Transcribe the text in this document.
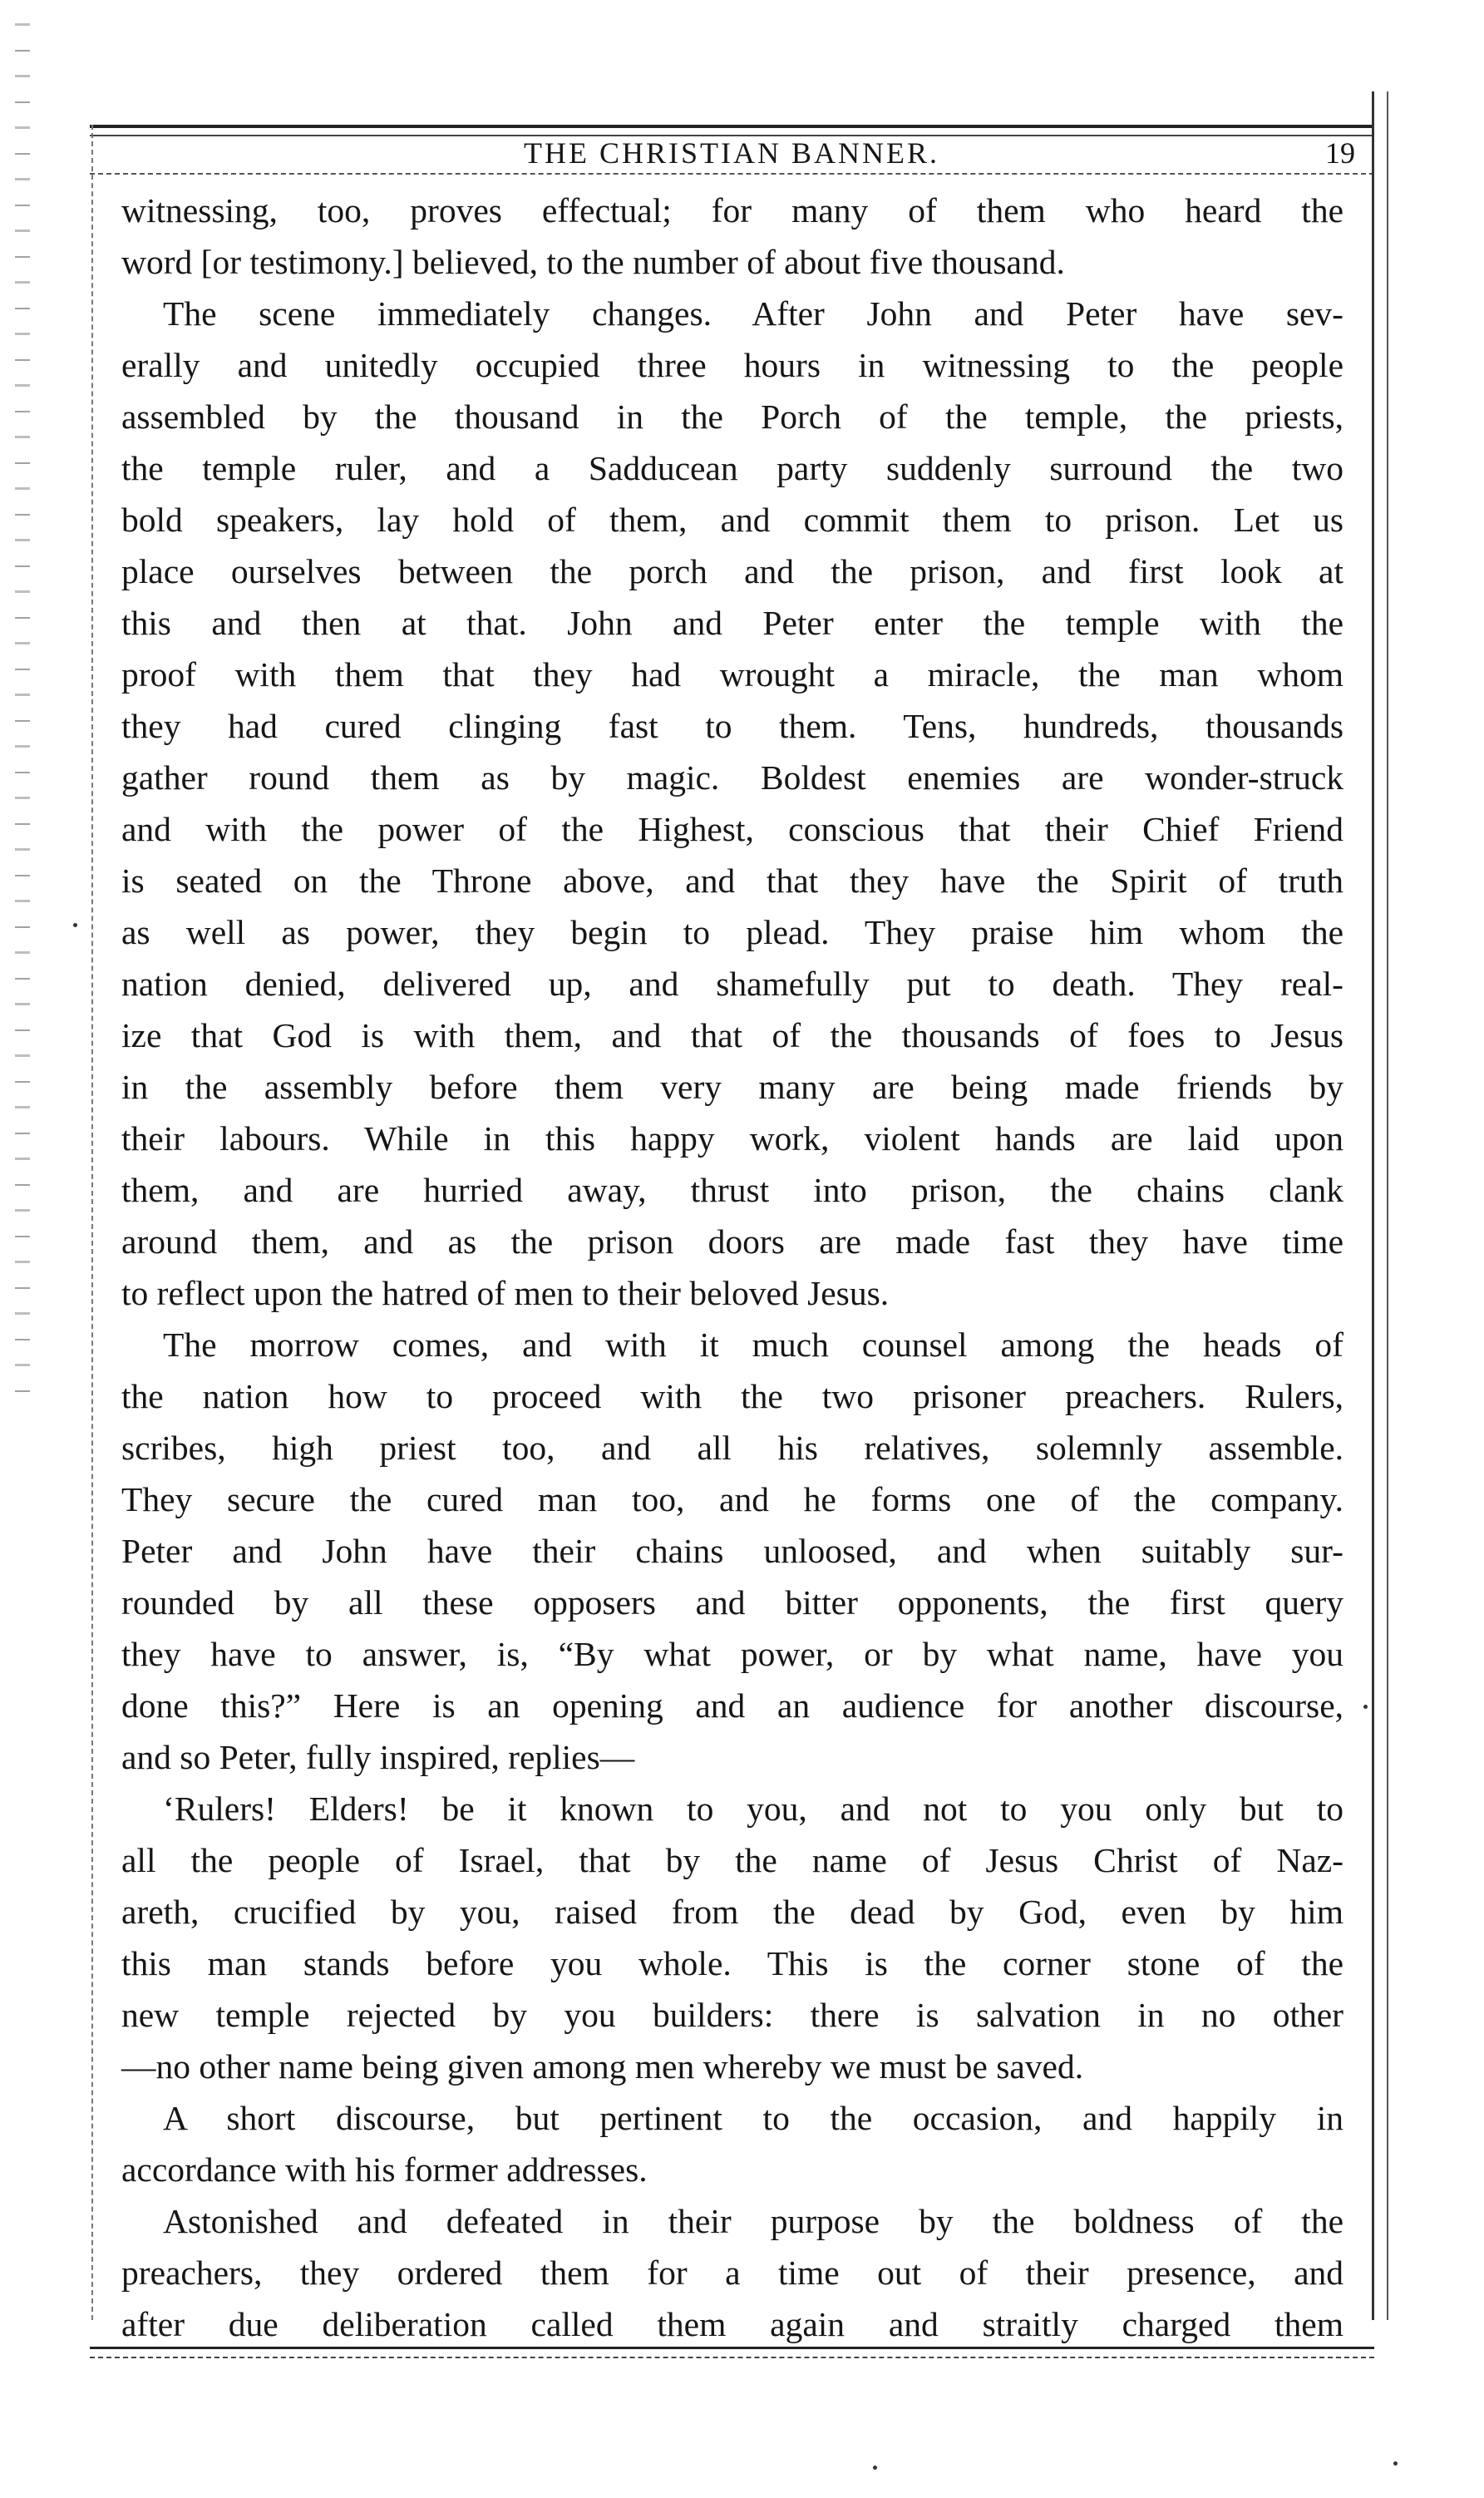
THE CHRISTIAN BANNER.	19
witnessing, too, proves effectual; for many of them who heard the
word [or testimony.] believed, to the number of about five thousand.
The scene immediately changes. After John and Peter have sev-
erally and unitedly occupied three hours in witnessing to the people
assembled by the thousand in the Porch of the temple, the priests,
the temple ruler, and a Sadducean party suddenly surround the two
bold speakers, lay hold of them, and commit them to prison. Let us
place ourselves between the porch and the prison, and first look at
this and then at that. John and Peter enter the temple with the
proof with them that they had wrought a miracle, the man whom
they had cured clinging fast to them. Tens, hundreds, thousands
gather round them as by magic. Boldest enemies are wonder-struck
and with the power of the Highest, conscious that their Chief Friend
is seated on the Throne above, and that they have the Spirit of truth
as well as power, they begin to plead. They praise him whom the
nation denied, delivered up, and shamefully put to death. They real-
ize that God is with them, and that of the thousands of foes to Jesus
in the assembly before them very many are being made friends by
their labours. While in this happy work, violent hands are laid upon
them, and are hurried away, thrust into prison, the chains clank
around them, and as the prison doors are made fast they have time
to reflect upon the hatred of men to their beloved Jesus.
The morrow comes, and with it much counsel among the heads of
the nation how to proceed with the two prisoner preachers. Rulers,
scribes, high priest too, and all his relatives, solemnly assemble.
They secure the cured man too, and he forms one of the company.
Peter and John have their chains unloosed, and when suitably sur-
rounded by all these opposers and bitter opponents, the first query
they have to answer, is, “By what power, or by what name, have you
done this?” Here is an opening and an audience for another discourse,
and so Peter, fully inspired, replies—
‘Rulers! Elders! be it known to you, and not to you only but to
all the people of Israel, that by the name of Jesus Christ of Naz-
areth, crucified by you, raised from the dead by God, even by him
this man stands before you whole. This is the corner stone of the
new temple rejected by you builders: there is salvation in no other
—no other name being given among men whereby we must be saved.
A short discourse, but pertinent to the occasion, and happily in
accordance with his former addresses.
Astonished and defeated in their purpose by the boldness of the
preachers, they ordered them for a time out of their presence, and
after due deliberation called them again and straitly charged them
